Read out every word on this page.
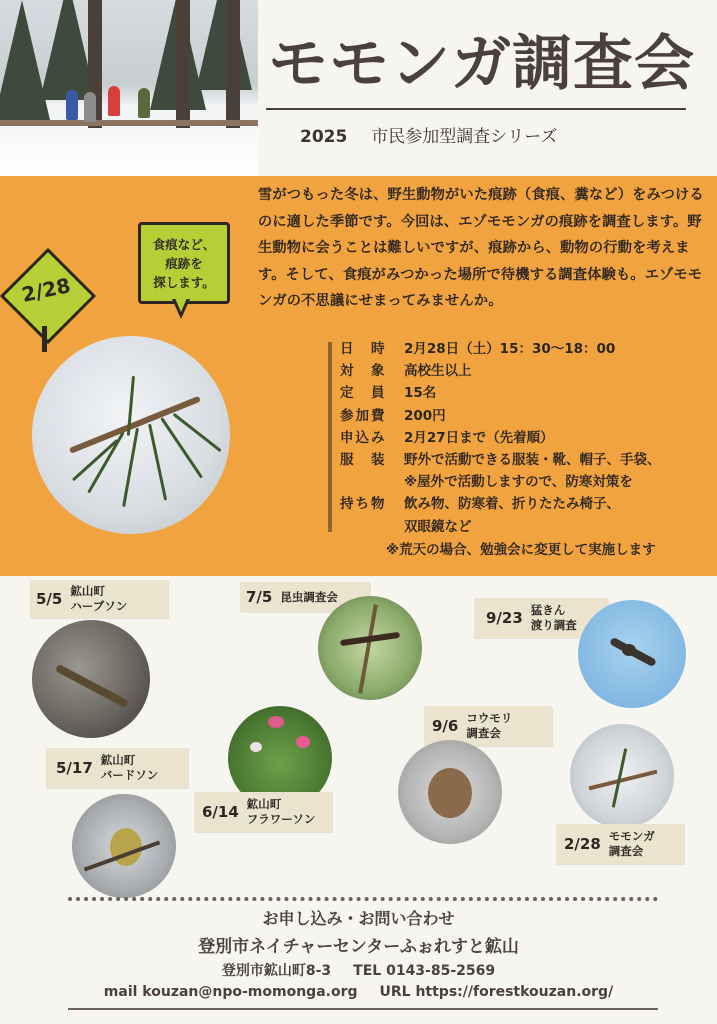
モモンガ調査会
2025 市民参加型調査シリーズ
雪がつもった冬は、野生動物がいた痕跡（食痕、糞など）をみつけるのに適した季節です。今回は、エゾモモンガの痕跡を調査します。野生動物に会うことは難しいですが、痕跡から、動物の行動を考えます。そして、食痕がみつかった場所で待機する調査体験も。エゾモモンガの不思議にせまってみませんか。
2/28
食痕など、
痕跡を
探します。
日　時	2月28日（土）15：30～18：00
対　象	高校生以上
定　員	15名
参加費	200円
申込み	2月27日まで（先着順）
服　装	野外で活動できる服装・靴、帽子、手袋、
※屋外で活動しますので、防寒対策を
持ち物	飲み物、防寒着、折りたたみ椅子、
双眼鏡など
※荒天の場合、勉強会に変更して実施します
5/5 鉱山町
ハーブソン
7/5 昆虫調査会
9/23 猛きん
渡り調査
5/17 鉱山町
バードソン
6/14 鉱山町
フラワーソン
9/6 コウモリ
調査会
2/28 モモンガ
調査会
お申し込み・お問い合わせ
登別市ネイチャーセンターふぉれすと鉱山
登別市鉱山町8-3 TEL 0143-85-2569
mail kouzan@npo-momonga.org URL https://forestkouzan.org/
